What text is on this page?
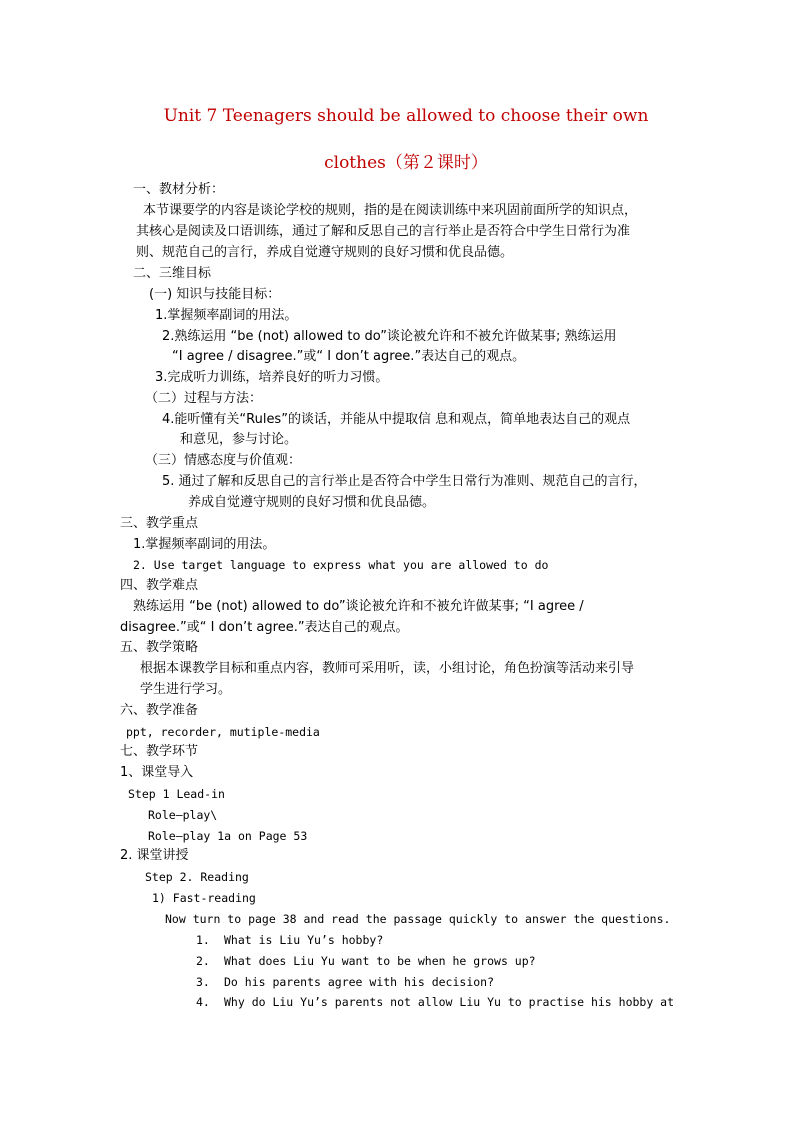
Unit 7 Teenagers should be allowed to choose their own
clothes（第２课时）
一、教材分析：
本节课要学的内容是谈论学校的规则，指的是在阅读训练中来巩固前面所学的知识点，
其核心是阅读及口语训练，通过了解和反思自己的言行举止是否符合中学生日常行为准
则、规范自己的言行，养成自觉遵守规则的良好习惯和优良品德。
二、三维目标
(一) 知识与技能目标：
1.掌握频率副词的用法。
2.熟练运用 “be (not) allowed to do”谈论被允许和不被允许做某事; 熟练运用
“I agree / disagree.”或“ I don’t agree.”表达自己的观点。
3.完成听力训练，培养良好的听力习惯。
（二）过程与方法：
4.能听懂有关“Rules”的谈话，并能从中提取信 息和观点，简单地表达自己的观点
和意见，参与讨论。
（三）情感态度与价值观：
5. 通过了解和反思自己的言行举止是否符合中学生日常行为准则、规范自己的言行，
养成自觉遵守规则的良好习惯和优良品德。
三、教学重点
1.掌握频率副词的用法。
2. Use target language to express what you are allowed to do
四、教学难点
熟练运用 “be (not) allowed to do”谈论被允许和不被允许做某事; “I agree /
disagree.”或“ I don’t agree.”表达自己的观点。
五、教学策略
根据本课教学目标和重点内容，教师可采用听，读，小组讨论，角色扮演等活动来引导
学生进行学习。
六、教学准备
ppt, recorder, mutiple-media
七、教学环节
1、课堂导入
Step 1 Lead-in
Role—play\
Role—play 1a on Page 53
2. 课堂讲授
Step 2. Reading
1) Fast-reading
Now turn to page 38 and read the passage quickly to answer the questions.
1. What is Liu Yu’s hobby?
2. What does Liu Yu want to be when he grows up?
3. Do his parents agree with his decision?
4. Why do Liu Yu’s parents not allow Liu Yu to practise his hobby at
